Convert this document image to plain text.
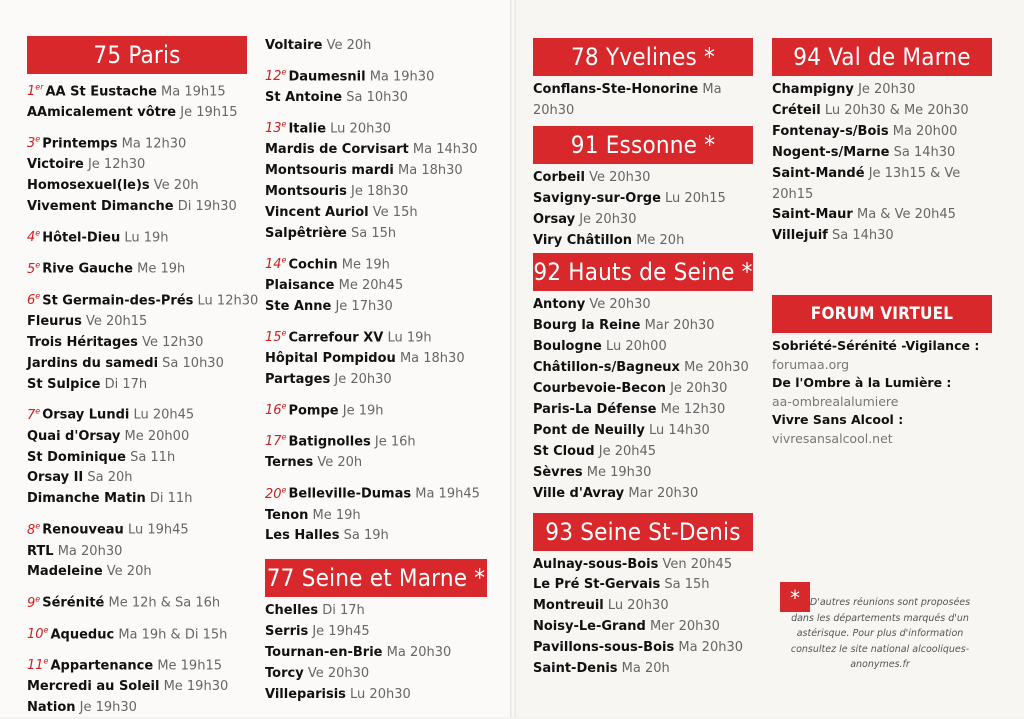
75 Paris
1er AA St Eustache Ma 19h15
AAmicalement vôtre Je 19h15
3e Printemps Ma 12h30
Victoire Je 12h30
Homosexuel(le)s Ve 20h
Vivement Dimanche Di 19h30
4e Hôtel-Dieu Lu 19h
5e Rive Gauche Me 19h
6e St Germain-des-Prés Lu 12h30
Fleurus Ve 20h15
Trois Héritages Ve 12h30
Jardins du samedi Sa 10h30
St Sulpice Di 17h
7e Orsay Lundi Lu 20h45
Quai d'Orsay Me 20h00
St Dominique Sa 11h
Orsay II Sa 20h
Dimanche Matin Di 11h
8e Renouveau Lu 19h45
RTL Ma 20h30
Madeleine Ve 20h
9e Sérénité Me 12h & Sa 16h
10e Aqueduc Ma 19h & Di 15h
11e Appartenance Me 19h15
Mercredi au Soleil Me 19h30
Nation Je 19h30
Voltaire Ve 20h
12e Daumesnil Ma 19h30
St Antoine Sa 10h30
13e Italie Lu 20h30
Mardis de Corvisart Ma 14h30
Montsouris mardi Ma 18h30
Montsouris Je 18h30
Vincent Auriol Ve 15h
Salpêtrière Sa 15h
14e Cochin Me 19h
Plaisance Me 20h45
Ste Anne Je 17h30
15e Carrefour XV Lu 19h
Hôpital Pompidou Ma 18h30
Partages Je 20h30
16e Pompe Je 19h
17e Batignolles Je 16h
Ternes Ve 20h
20e Belleville-Dumas Ma 19h45
Tenon Me 19h
Les Halles Sa 19h
77 Seine et Marne *
Chelles Di 17h
Serris Je 19h45
Tournan-en-Brie Ma 20h30
Torcy Ve 20h30
Villeparisis Lu 20h30
78 Yvelines *
Conflans-Ste-Honorine Ma
20h30
91 Essonne *
Corbeil Ve 20h30
Savigny-sur-Orge Lu 20h15
Orsay Je 20h30
Viry Châtillon Me 20h
92 Hauts de Seine *
Antony Ve 20h30
Bourg la Reine Mar 20h30
Boulogne Lu 20h00
Châtillon-s/Bagneux Me 20h30
Courbevoie-Becon Je 20h30
Paris-La Défense Me 12h30
Pont de Neuilly Lu 14h30
St Cloud Je 20h45
Sèvres Me 19h30
Ville d'Avray Mar 20h30
93 Seine St-Denis
Aulnay-sous-Bois Ven 20h45
Le Pré St-Gervais Sa 15h
Montreuil Lu 20h30
Noisy-Le-Grand Mer 20h30
Pavillons-sous-Bois Ma 20h30
Saint-Denis Ma 20h
94 Val de Marne
Champigny Je 20h30
Créteil Lu 20h30 & Me 20h30
Fontenay-s/Bois Ma 20h00
Nogent-s/Marne Sa 14h30
Saint-Mandé Je 13h15 & Ve
20h15
Saint-Maur Ma & Ve 20h45
Villejuif Sa 14h30
FORUM VIRTUEL
Sobriété-Sérénité -Vigilance :
forumaa.org
De l'Ombre à la Lumière :
aa-ombrealalumiere
Vivre Sans Alcool :
vivresansalcool.net
*	D'autres réunions sont proposées dans les départements marqués d'un astérisque. Pour plus d'information consultez le site national alcooliques-anonymes.fr
